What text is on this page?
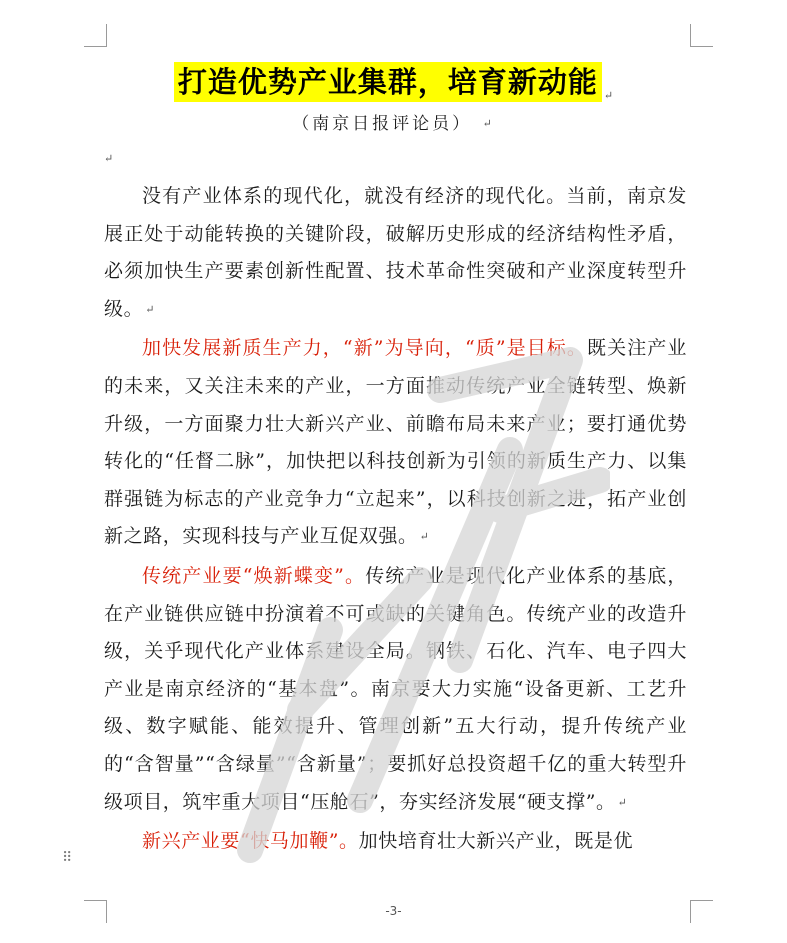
打造优势产业集群，培育新动能 ↵
（南京日报评论员） ↵
↵

没有产业体系的现代化，就没有经济的现代化。当前，南京发展正处于动能转换的关键阶段，破解历史形成的经济结构性矛盾，必须加快生产要素创新性配置、技术革命性突破和产业深度转型升级。 ↵

加快发展新质生产力，“新”为导向，“质”是目标。既关注产业的未来，又关注未来的产业，一方面推动传统产业全链转型、焕新升级，一方面聚力壮大新兴产业、前瞻布局未来产业；要打通优势转化的“任督二脉”，加快把以科技创新为引领的新质生产力、以集群强链为标志的产业竞争力“立起来”，以科技创新之进，拓产业创新之路，实现科技与产业互促双强。 ↵

传统产业要“焕新蝶变”。传统产业是现代化产业体系的基底，在产业链供应链中扮演着不可或缺的关键角色。传统产业的改造升级，关乎现代化产业体系建设全局。钢铁、石化、汽车、电子四大产业是南京经济的“基本盘”。南京要大力实施“设备更新、工艺升级、数字赋能、能效提升、管理创新”五大行动，提升传统产业的“含智量”“含绿量”“含新量”；要抓好总投资超千亿的重大转型升级项目，筑牢重大项目“压舱石”，夯实经济发展“硬支撑”。 ↵

新兴产业要“快马加鞭”。加快培育壮大新兴产业，既是优

⠿
-3-
